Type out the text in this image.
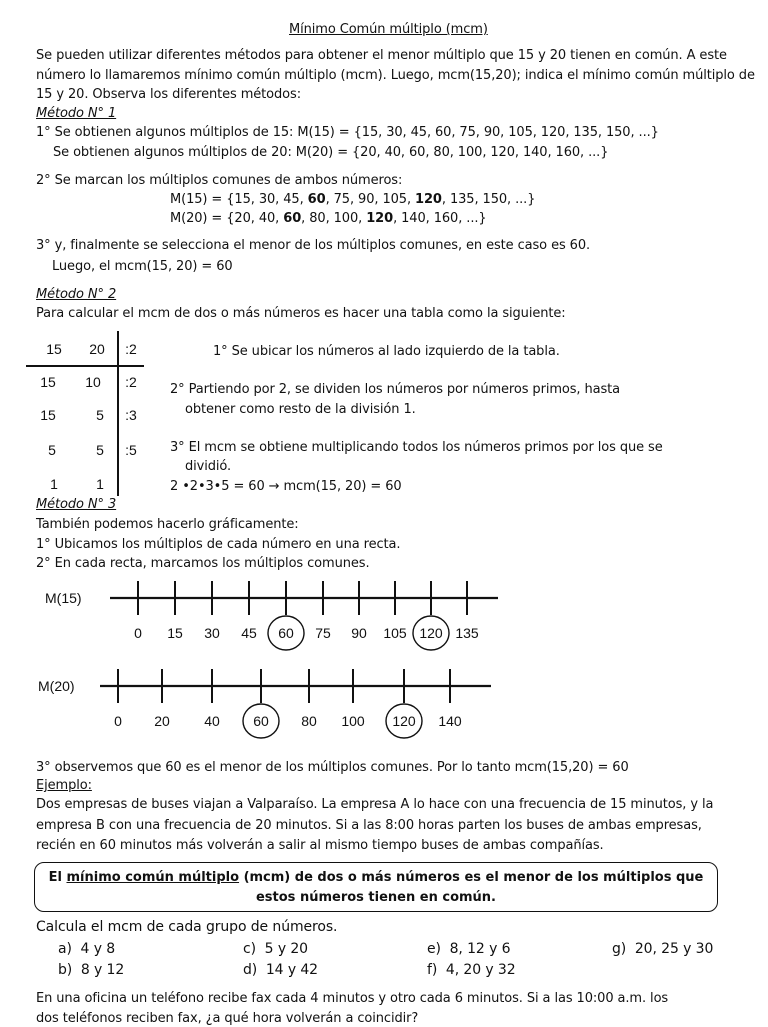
Mínimo Común múltiplo (mcm)
Se pueden utilizar diferentes métodos para obtener el menor múltiplo que 15 y 20 tienen en común. A este
número lo llamaremos mínimo común múltiplo (mcm). Luego, mcm(15,20); indica el mínimo común múltiplo de
15 y 20. Observa los diferentes métodos:
Método N° 1
1° Se obtienen algunos múltiplos de 15: M(15) = {15, 30, 45, 60, 75, 90, 105, 120, 135, 150, ...}
Se obtienen algunos múltiplos de 20: M(20) = {20, 40, 60, 80, 100, 120, 140, 160, ...}
2° Se marcan los múltiplos comunes de ambos números:
M(15) = {15, 30, 45, 60, 75, 90, 105, 120, 135, 150, ...}
M(20) = {20, 40, 60, 80, 100, 120, 140, 160, ...}
3° y, finalmente se selecciona el menor de los múltiplos comunes, en este caso es 60.
Luego, el mcm(15, 20) = 60
Método N° 2
Para calcular el mcm de dos o más números es hacer una tabla como la siguiente:
15	20	:2
15	10	:2
15	5	:3
5	5	:5
1	1
1° Se ubicar los números al lado izquierdo de la tabla.
2° Partiendo por 2, se dividen los números por números primos, hasta
obtener como resto de la división 1.
3° El mcm se obtiene multiplicando todos los números primos por los que se
dividió.
2 •2•3•5 = 60 → mcm(15, 20) = 60
Método N° 3
También podemos hacerlo gráficamente:
1° Ubicamos los múltiplos de cada número en una recta.
2° En cada recta, marcamos los múltiplos comunes.
M(15)
0 15 30 45 60 75 90 105 120 135
M(20)
0 20 40 60 80 100 120 140
3° observemos que 60 es el menor de los múltiplos comunes. Por lo tanto mcm(15,20) = 60
Ejemplo:
Dos empresas de buses viajan a Valparaíso. La empresa A lo hace con una frecuencia de 15 minutos, y la
empresa B con una frecuencia de 20 minutos. Si a las 8:00 horas parten los buses de ambas empresas,
recién en 60 minutos más volverán a salir al mismo tiempo buses de ambas compañías.
El mínimo común múltiplo (mcm) de dos o más números es el menor de los múltiplos que
estos números tienen en común.
Calcula el mcm de cada grupo de números.
a) 4 y 8
b) 8 y 12
c) 5 y 20
d) 14 y 42
e) 8, 12 y 6
f) 4, 20 y 32
g) 20, 25 y 30
En una oficina un teléfono recibe fax cada 4 minutos y otro cada 6 minutos. Si a las 10:00 a.m. los
dos teléfonos reciben fax, ¿a qué hora volverán a coincidir?
